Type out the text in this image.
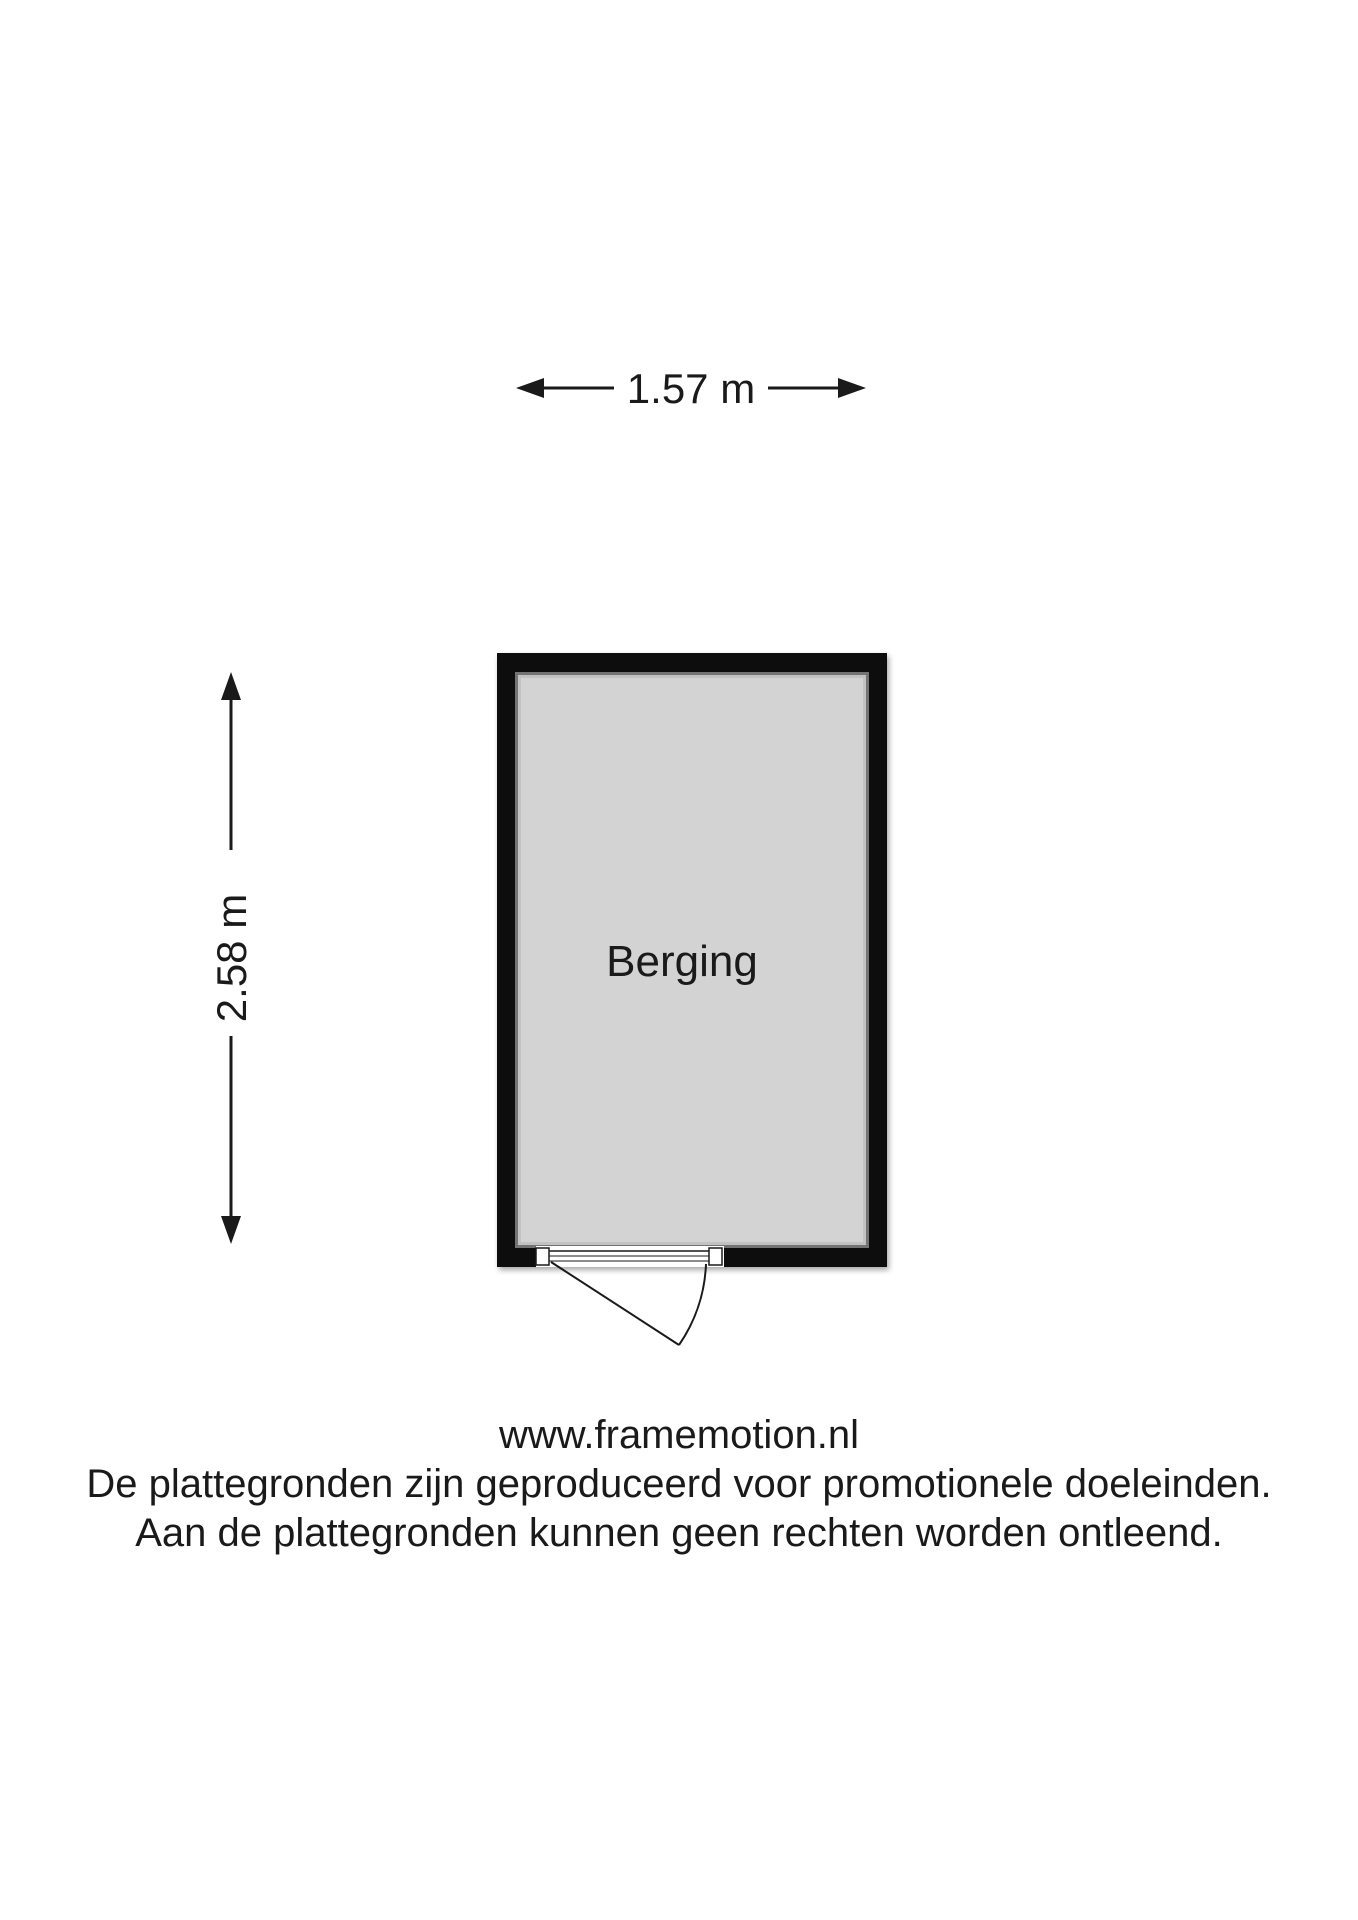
1.57 m
2.58 m	Berging
www.framemotion.nl
De plattegronden zijn geproduceerd voor promotionele doeleinden.
Aan de plattegronden kunnen geen rechten worden ontleend.
